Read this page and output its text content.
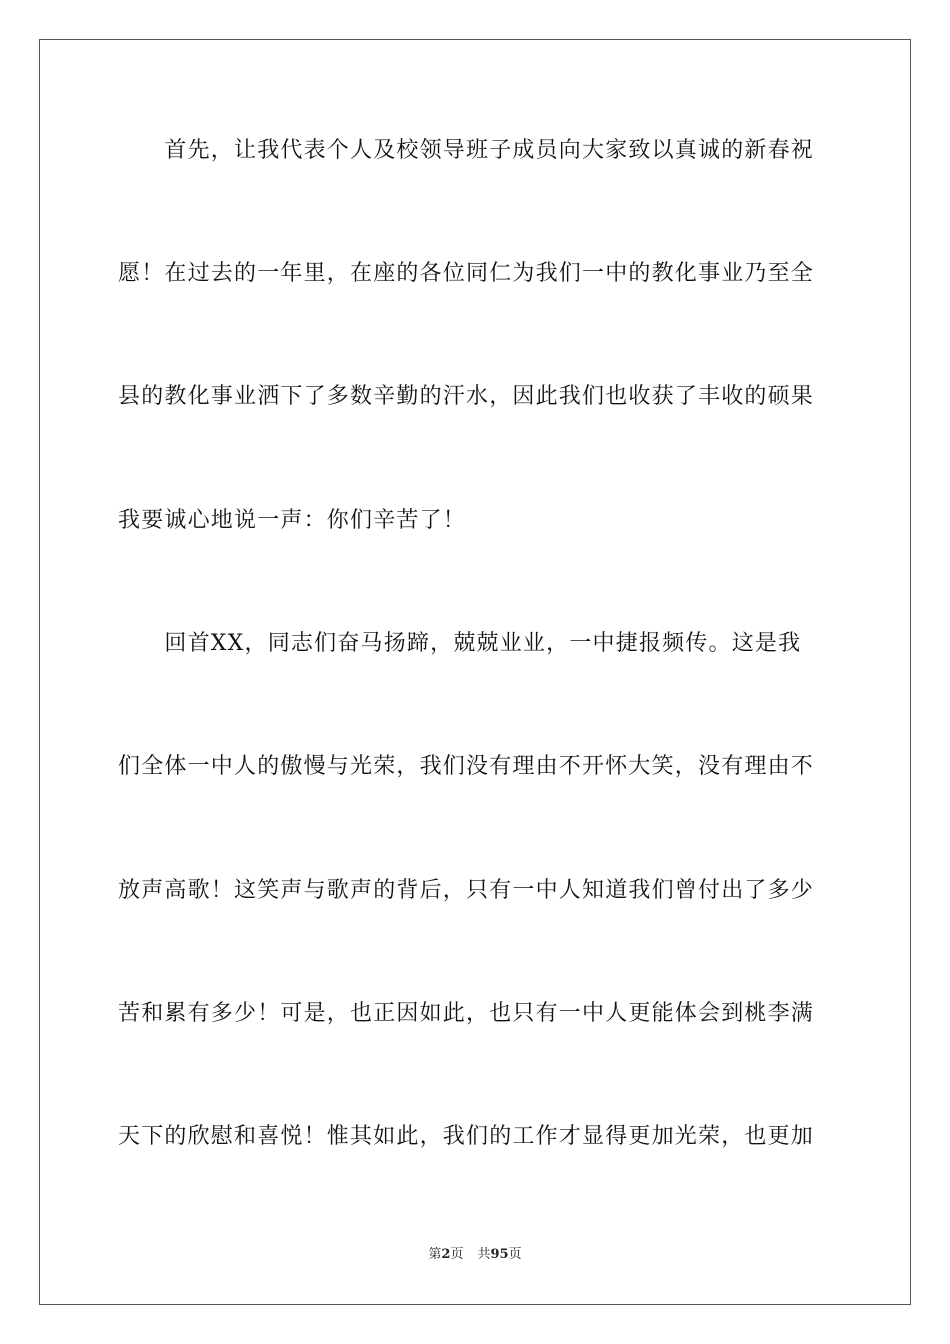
　　首先，让我代表个人及校领导班子成员向大家致以真诚的新春祝
愿！在过去的一年里，在座的各位同仁为我们一中的教化事业乃至全
县的教化事业洒下了多数辛勤的汗水，因此我们也收获了丰收的硕果
我要诚心地说一声：你们辛苦了！
　　回首XX，同志们奋马扬蹄，兢兢业业，一中捷报频传。这是我
们全体一中人的傲慢与光荣，我们没有理由不开怀大笑，没有理由不
放声高歌！这笑声与歌声的背后，只有一中人知道我们曾付出了多少
苦和累有多少！可是，也正因如此，也只有一中人更能体会到桃李满
天下的欣慰和喜悦！惟其如此，我们的工作才显得更加光荣，也更加
第2页 共95页
